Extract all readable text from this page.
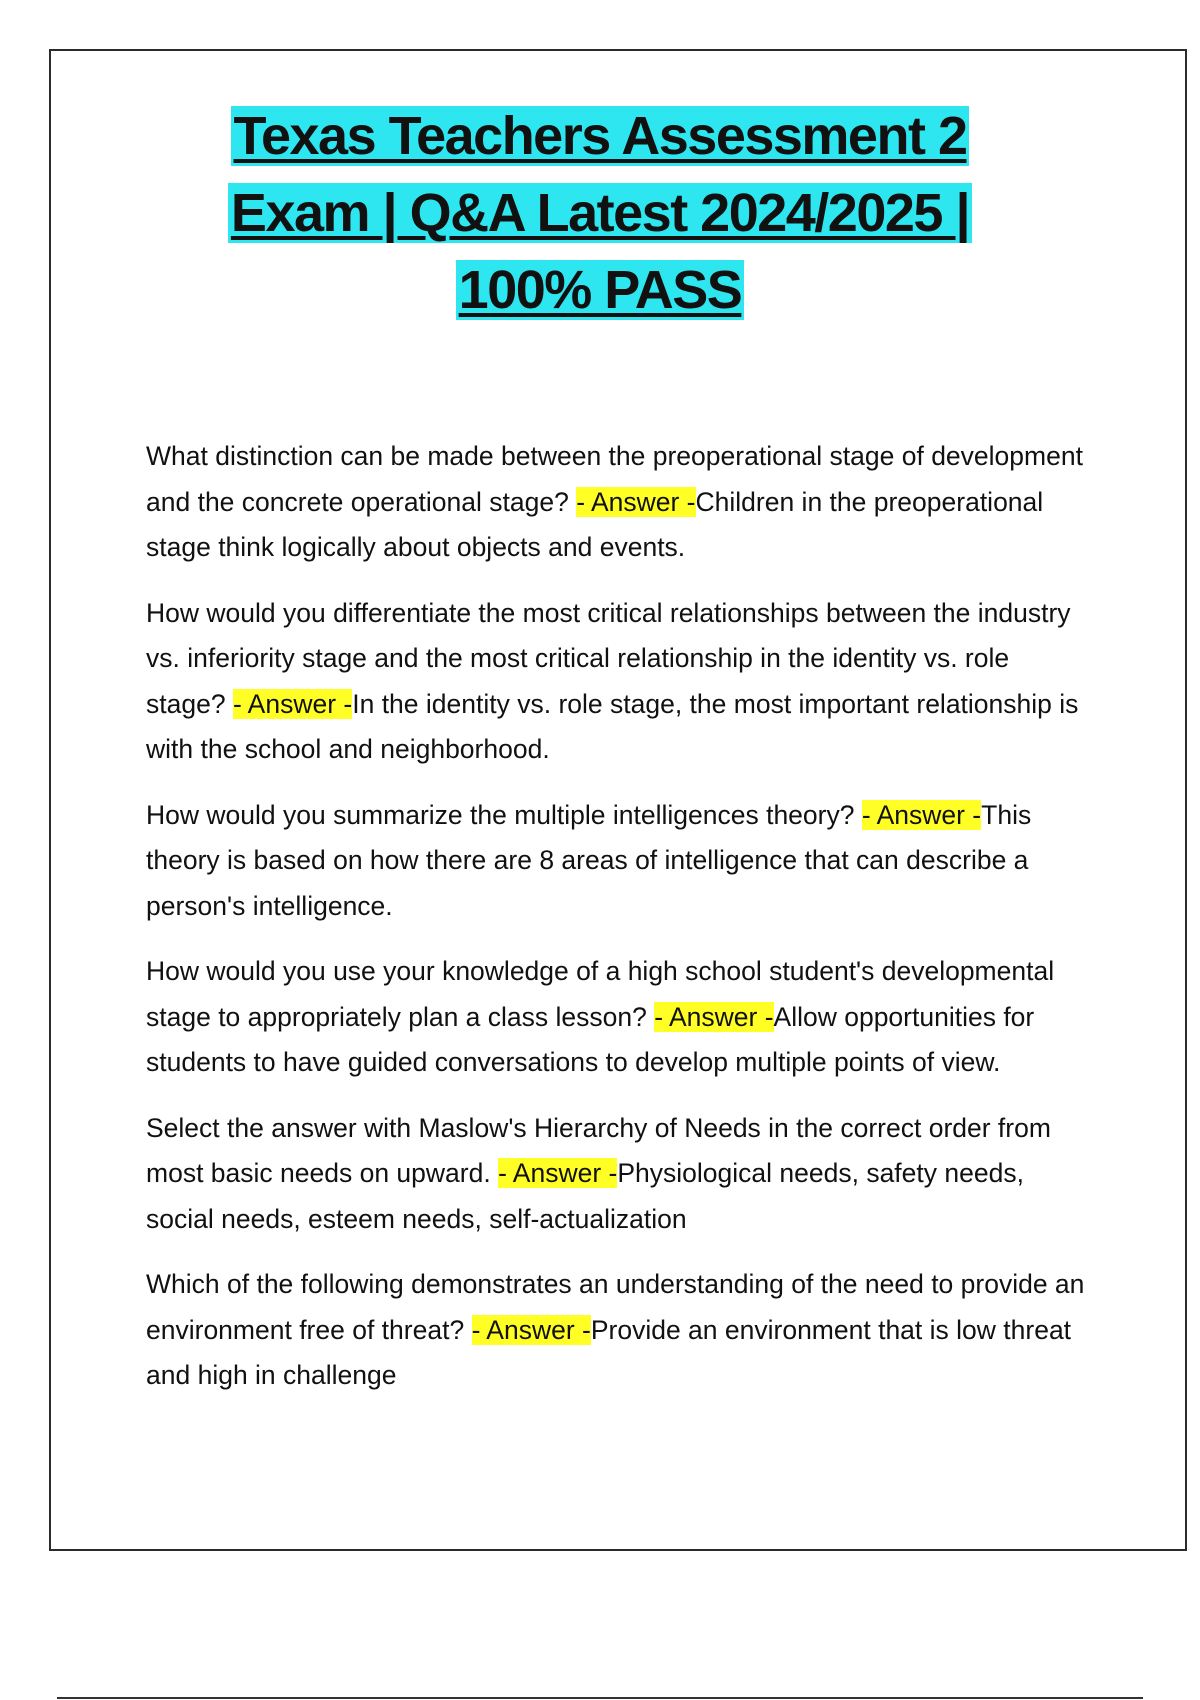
Texas Teachers Assessment 2
Exam | Q&A Latest 2024/2025 |
100% PASS

What distinction can be made between the preoperational stage of development and the concrete operational stage? - Answer -Children in the preoperational stage think logically about objects and events.

How would you differentiate the most critical relationships between the industry vs. inferiority stage and the most critical relationship in the identity vs. role stage? - Answer -In the identity vs. role stage, the most important relationship is with the school and neighborhood.

How would you summarize the multiple intelligences theory? - Answer -This theory is based on how there are 8 areas of intelligence that can describe a person's intelligence.

How would you use your knowledge of a high school student's developmental stage to appropriately plan a class lesson? - Answer -Allow opportunities for students to have guided conversations to develop multiple points of view.

Select the answer with Maslow's Hierarchy of Needs in the correct order from most basic needs on upward. - Answer -Physiological needs, safety needs, social needs, esteem needs, self-actualization

Which of the following demonstrates an understanding of the need to provide an environment free of threat? - Answer -Provide an environment that is low threat and high in challenge
